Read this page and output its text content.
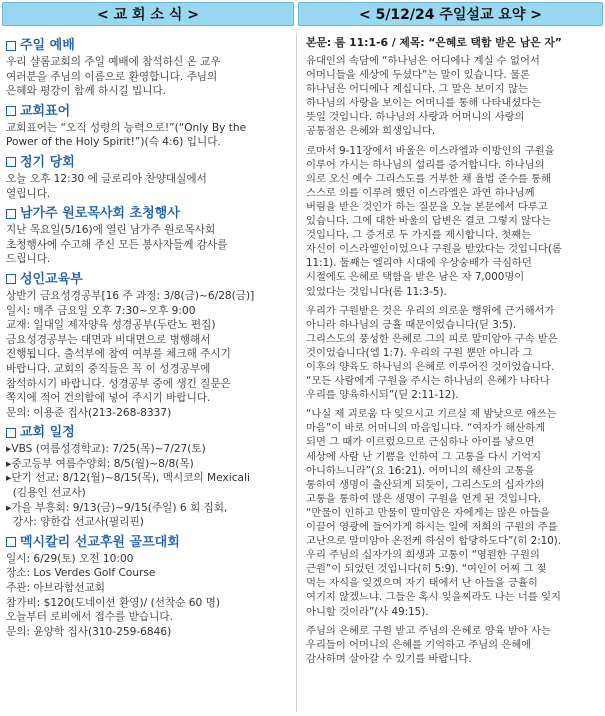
< 교 회 소 식 >	< 5/12/24 주일설교 요약 >
주일 예배
우리 샬롬교회의 주일 예배에 참석하신 온 교우
여러분을 주님의 이름으로 환영합니다. 주님의
은혜와 평강이 함께 하시길 빕니다.
교회표어
교회표어는 “오직 성령의 능력으로!”(“Only By the
Power of the Holy Spirit!”)(슥 4:6) 입니다.
정기 당회
오늘 오후 12:30 에 글로리아 찬양대실에서
열립니다.
남가주 원로목사회 초청행사
지난 목요일(5/16)에 열린 남가주 원로목사회
초청행사에 수고해 주신 모든 봉사자들께 감사를
드립니다.
성인교육부
상반기 금요성경공부[16 주 과정: 3/8(금)~6/28(금)]
일시: 매주 금요일 오후 7:30~오후 9:00
교재: 일대일 제자양육 성경공부(두란노 편집)
금요성경공부는 대면과 비대면으로 병행해서
진행됩니다. 출석부에 참여 여부를 체크해 주시기
바랍니다. 교회의 중직들은 꼭 이 성경공부에
참석하시기 바랍니다. 성경공부 중에 생긴 질문은
쪽지에 적어 건의함에 넣어 주시기 바랍니다.
문의: 이용준 집사(213-268-8337)
교회 일정
▸VBS (여름성경학교): 7/25(목)~7/27(토)
▸중고등부 여름수양회: 8/5(월)~8/8(목)
▸단기 선교: 8/12(월)~8/15(목), 멕시코의 Mexicali
(김용인 선교사)
▸가을 부흥회: 9/13(금)~9/15(주일) 6 회 집회,
강사: 양한갑 선교사(필리핀)
멕시칼리 선교후원 골프대회
일시: 6/29(토) 오전 10:00
장소: Los Verdes Golf Course
주관: 아브라함선교회
참가비: $120(도네이션 환영)/ (선착순 60 명)
오늘부터 로비에서 접수를 받습니다.
문의: 윤양학 집사(310-259-6846)
본문: 롬 11:1-6 / 제목: “은혜로 택함 받은 남은 자”
유대인의 속담에 “하나님은 어디에나 계실 수 없어서
어머니들을 세상에 두셨다”는 말이 있습니다. 물론
하나님은 어디에나 계십니다. 그 말은 보이지 않는
하나님의 사랑을 보이는 어머니를 통해 나타내셨다는
뜻일 것입니다. 하나님의 사랑과 어머니의 사랑의
공통점은 은혜와 희생입니다.
로마서 9-11장에서 바울은 이스라엘과 이방인의 구원을
이루어 가시는 하나님의 섭리를 증거합니다. 하나님의
의로 오신 예수 그리스도를 거부한 채 율법 준수를 통해
스스로 의를 이루려 했던 이스라엘은 과연 하나님께
버림을 받은 것인가 하는 질문을 오늘 본문에서 다루고
있습니다. 그에 대한 바울의 답변은 결코 그렇지 않다는
것입니다. 그 증거로 두 가지를 제시합니다. 첫째는
자신이 이스라엘인이었으나 구원을 받았다는 것입니다(롬
11:1). 둘째는 엘리야 시대에 우상숭배가 극심하던
시절에도 은혜로 택함을 받은 남은 자 7,000명이
있었다는 것입니다(롬 11:3-5).
우리가 구원받은 것은 우리의 의로운 행위에 근거해서가
아니라 하나님의 긍휼 때문이었습니다(딛 3:5).
그리스도의 풍성한 은혜로 그의 피로 말미암아 구속 받은
것이었습니다(엡 1:7). 우리의 구원 뿐만 아니라 그
이후의 양육도 하나님의 은혜로 이루어진 것이었습니다.
“모든 사람에게 구원을 주시는 하나님의 은혜가 나타나
우리를 양육하시되”(딛 2:11-12).
“나실 제 괴로움 다 잊으시고 기르실 제 밤낮으로 애쓰는
마음”이 바로 어머니의 마음입니다. “여자가 해산하게
되면 그 때가 이르렀으므로 근심하나 아이를 낳으면
세상에 사람 난 기쁨을 인하여 그 고통을 다시 기억지
아니하느니라”(요 16:21). 어머니의 해산의 고통을
통하여 생명이 출산되게 되듯이, 그리스도의 십자가의
고통을 통하여 많은 생명이 구원을 얻게 된 것입니다.
“만물이 인하고 만물이 말미암은 자에게는 많은 아들을
이끌어 영광에 들어가게 하시는 일에 저희의 구원의 주를
고난으로 말미암아 온전케 하심이 합당하도다”(히 2:10).
우리 주님의 십자가의 희생과 고통이 “영원한 구원의
근원”이 되었던 것입니다(히 5:9). “여인이 어찌 그 젖
먹는 자식을 잊겠으며 자기 태에서 난 아들을 긍휼히
여기지 않겠느냐. 그들은 혹시 잊을찌라도 나는 너를 잊지
아니할 것이라”(사 49:15).
주님의 은혜로 구원 받고 주님의 은혜로 양육 받아 사는
우리들이 어머니의 은혜를 기억하고 주님의 은혜에
감사하며 살아갈 수 있기를 바랍니다.
